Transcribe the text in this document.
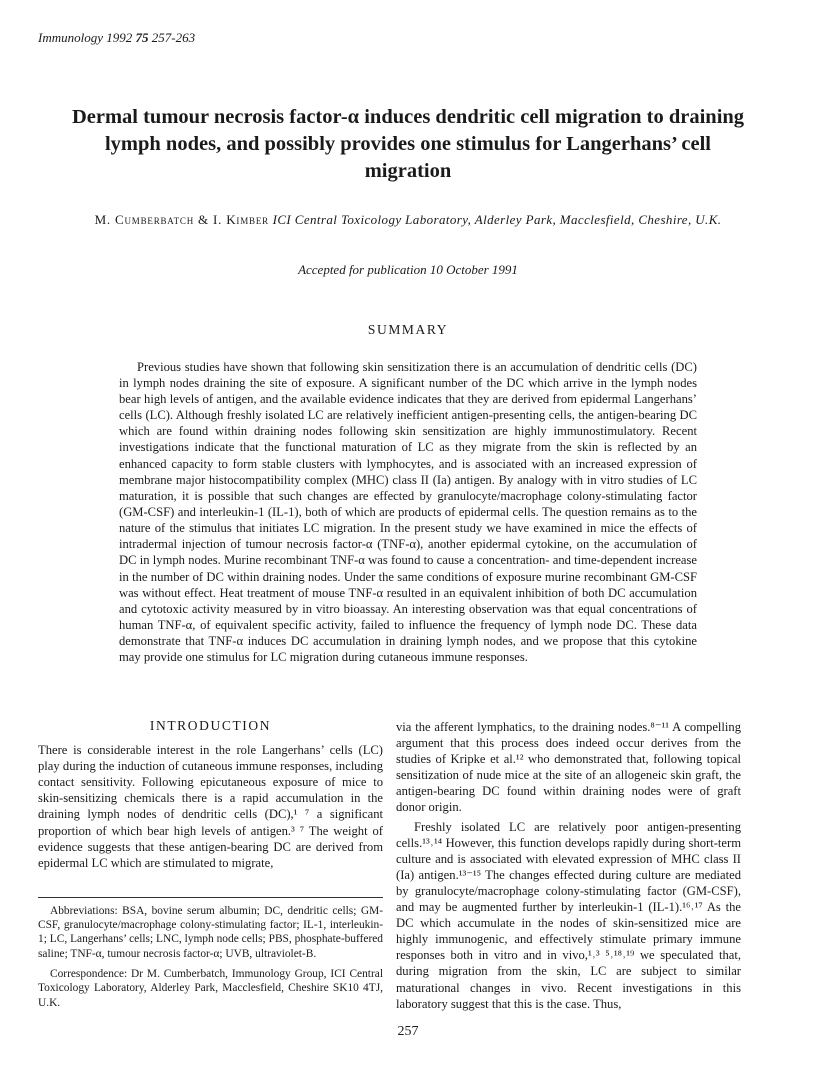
Immunology 1992 75 257-263
Dermal tumour necrosis factor-α induces dendritic cell migration to draining lymph nodes, and possibly provides one stimulus for Langerhans’ cell migration
M. Cumberbatch & I. Kimber ICI Central Toxicology Laboratory, Alderley Park, Macclesfield, Cheshire, U.K.
Accepted for publication 10 October 1991
SUMMARY

Previous studies have shown that following skin sensitization there is an accumulation of dendritic cells (DC) in lymph nodes draining the site of exposure. A significant number of the DC which arrive in the lymph nodes bear high levels of antigen, and the available evidence indicates that they are derived from epidermal Langerhans’ cells (LC). Although freshly isolated LC are relatively inefficient antigen-presenting cells, the antigen-bearing DC which are found within draining nodes following skin sensitization are highly immunostimulatory. Recent investigations indicate that the functional maturation of LC as they migrate from the skin is reflected by an enhanced capacity to form stable clusters with lymphocytes, and is associated with an increased expression of membrane major histocompatibility complex (MHC) class II (Ia) antigen. By analogy with in vitro studies of LC maturation, it is possible that such changes are effected by granulocyte/macrophage colony-stimulating factor (GM-CSF) and interleukin-1 (IL-1), both of which are products of epidermal cells. The question remains as to the nature of the stimulus that initiates LC migration. In the present study we have examined in mice the effects of intradermal injection of tumour necrosis factor-α (TNF-α), another epidermal cytokine, on the accumulation of DC in lymph nodes. Murine recombinant TNF-α was found to cause a concentration- and time-dependent increase in the number of DC within draining nodes. Under the same conditions of exposure murine recombinant GM-CSF was without effect. Heat treatment of mouse TNF-α resulted in an equivalent inhibition of both DC accumulation and cytotoxic activity measured by in vitro bioassay. An interesting observation was that equal concentrations of human TNF-α, of equivalent specific activity, failed to influence the frequency of lymph node DC. These data demonstrate that TNF-α induces DC accumulation in draining lymph nodes, and we propose that this cytokine may provide one stimulus for LC migration during cutaneous immune responses.

INTRODUCTION

There is considerable interest in the role Langerhans’ cells (LC) play during the induction of cutaneous immune responses, including contact sensitivity. Following epicutaneous exposure of mice to skin-sensitizing chemicals there is a rapid accumulation in the draining lymph nodes of dendritic cells (DC),¹ ⁷ a significant proportion of which bear high levels of antigen.³ ⁷ The weight of evidence suggests that these antigen-bearing DC are derived from epidermal LC which are stimulated to migrate,

Abbreviations: BSA, bovine serum albumin; DC, dendritic cells; GM-CSF, granulocyte/macrophage colony-stimulating factor; IL-1, interleukin-1; LC, Langerhans’ cells; LNC, lymph node cells; PBS, phosphate-buffered saline; TNF-α, tumour necrosis factor-α; UVB, ultraviolet-B.

Correspondence: Dr M. Cumberbatch, Immunology Group, ICI Central Toxicology Laboratory, Alderley Park, Macclesfield, Cheshire SK10 4TJ, U.K.

via the afferent lymphatics, to the draining nodes.⁸⁻¹¹ A compelling argument that this process does indeed occur derives from the studies of Kripke et al.¹² who demonstrated that, following topical sensitization of nude mice at the site of an allogeneic skin graft, the antigen-bearing DC found within draining nodes were of graft donor origin.

Freshly isolated LC are relatively poor antigen-presenting cells.¹³˒¹⁴ However, this function develops rapidly during short-term culture and is associated with elevated expression of MHC class II (Ia) antigen.¹³⁻¹⁵ The changes effected during culture are mediated by granulocyte/macrophage colony-stimulating factor (GM-CSF), and may be augmented further by interleukin-1 (IL-1).¹⁶˒¹⁷ As the DC which accumulate in the nodes of skin-sensitized mice are highly immunogenic, and effectively stimulate primary immune responses both in vitro and in vivo,¹˒³ ⁵˒¹⁸˒¹⁹ we speculated that, during migration from the skin, LC are subject to similar maturational changes in vivo. Recent investigations in this laboratory suggest that this is the case. Thus,

257
